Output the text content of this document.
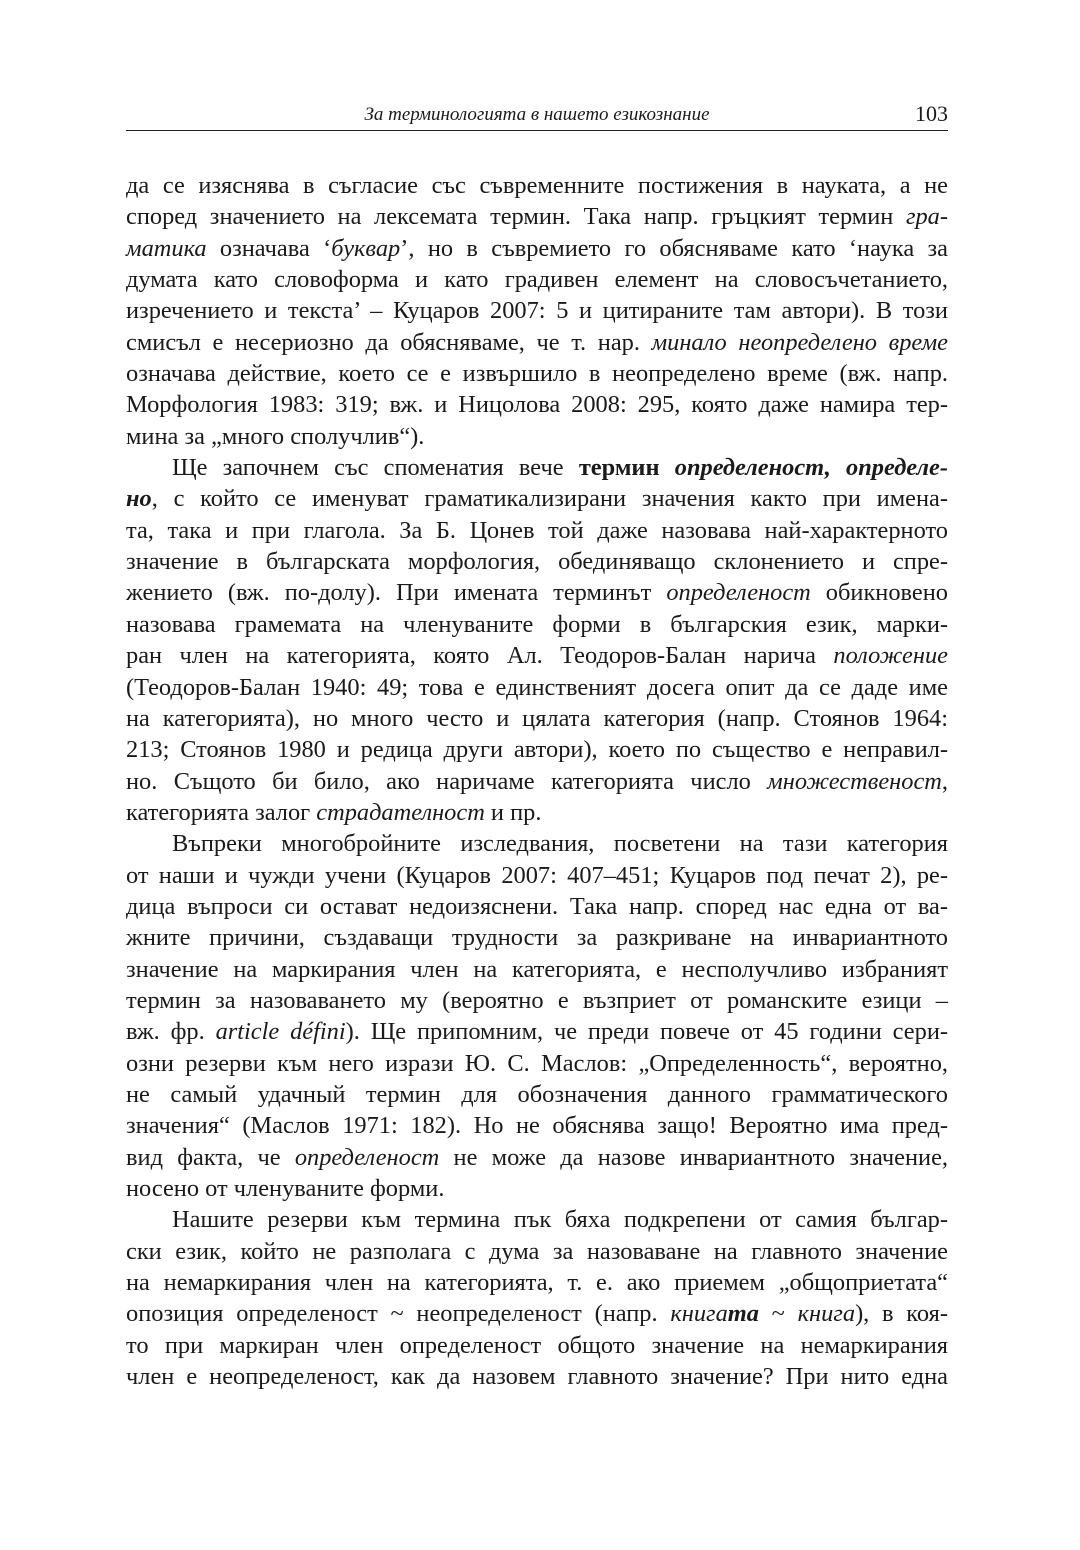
За терминологията в нашето езикознание	103

да се изяснява в съгласие със съвременните постижения в науката, а не
според значението на лексемата термин. Така напр. гръцкият термин гра-
матика означава ‘буквар’, но в съвремието го обясняваме като ‘наука за
думата като словоформа и като градивен елемент на словосъчетанието,
изречението и текста’ – Куцаров 2007: 5 и цитираните там автори). В този
смисъл е несериозно да обясняваме, че т. нар. минало неопределено време
означава действие, което се е извършило в неопределено време (вж. напр.
Морфология 1983: 319; вж. и Ницолова 2008: 295, която даже намира тер-
мина за „много сполучлив“).

Ще започнем със споменатия вече термин определеност, определе-
но, с който се именуват граматикализирани значения както при имена-
та, така и при глагола. За Б. Цонев той даже назовава най-характерното
значение в българската морфология, обединяващо склонението и спре-
жението (вж. по-долу). При имената терминът определеност обикновено
назовава грамемата на членуваните форми в българския език, марки-
ран член на категорията, която Ал. Теодоров-Балан нарича положение
(Теодоров-Балан 1940: 49; това е единственият досега опит да се даде име
на категорията), но много често и цялата категория (напр. Стоянов 1964:
213; Стоянов 1980 и редица други автори), което по същество е неправил-
но. Същото би било, ако наричаме категорията число множественост,
категорията залог страдателност и пр.

Въпреки многобройните изследвания, посветени на тази категория
от наши и чужди учени (Куцаров 2007: 407–451; Куцаров под печат 2), ре-
дица въпроси си остават недоизяснени. Така напр. според нас една от ва-
жните причини, създаващи трудности за разкриване на инвариантното
значение на маркирания член на категорията, е несполучливо избраният
термин за назоваването му (вероятно е възприет от романските езици –
вж. фр. article défini). Ще припомним, че преди повече от 45 години сери-
озни резерви към него изрази Ю. С. Маслов: „Определенность“, вероятно,
не самый удачный термин для обозначения данного грамматического
значения“ (Маслов 1971: 182). Но не обяснява защо! Вероятно има пред-
вид факта, че определеност не може да назове инвариантното значение,
носено от членуваните форми.

Нашите резерви към термина пък бяха подкрепени от самия българ-
ски език, който не разполага с дума за назоваване на главното значение
на немаркирания член на категорията, т. е. ако приемем „общоприетата“
опозиция определеност ~ неопределеност (напр. книгата ~ книга), в коя-
то при маркиран член определеност общото значение на немаркирания
член е неопределеност, как да назовем главното значение? При нито една
